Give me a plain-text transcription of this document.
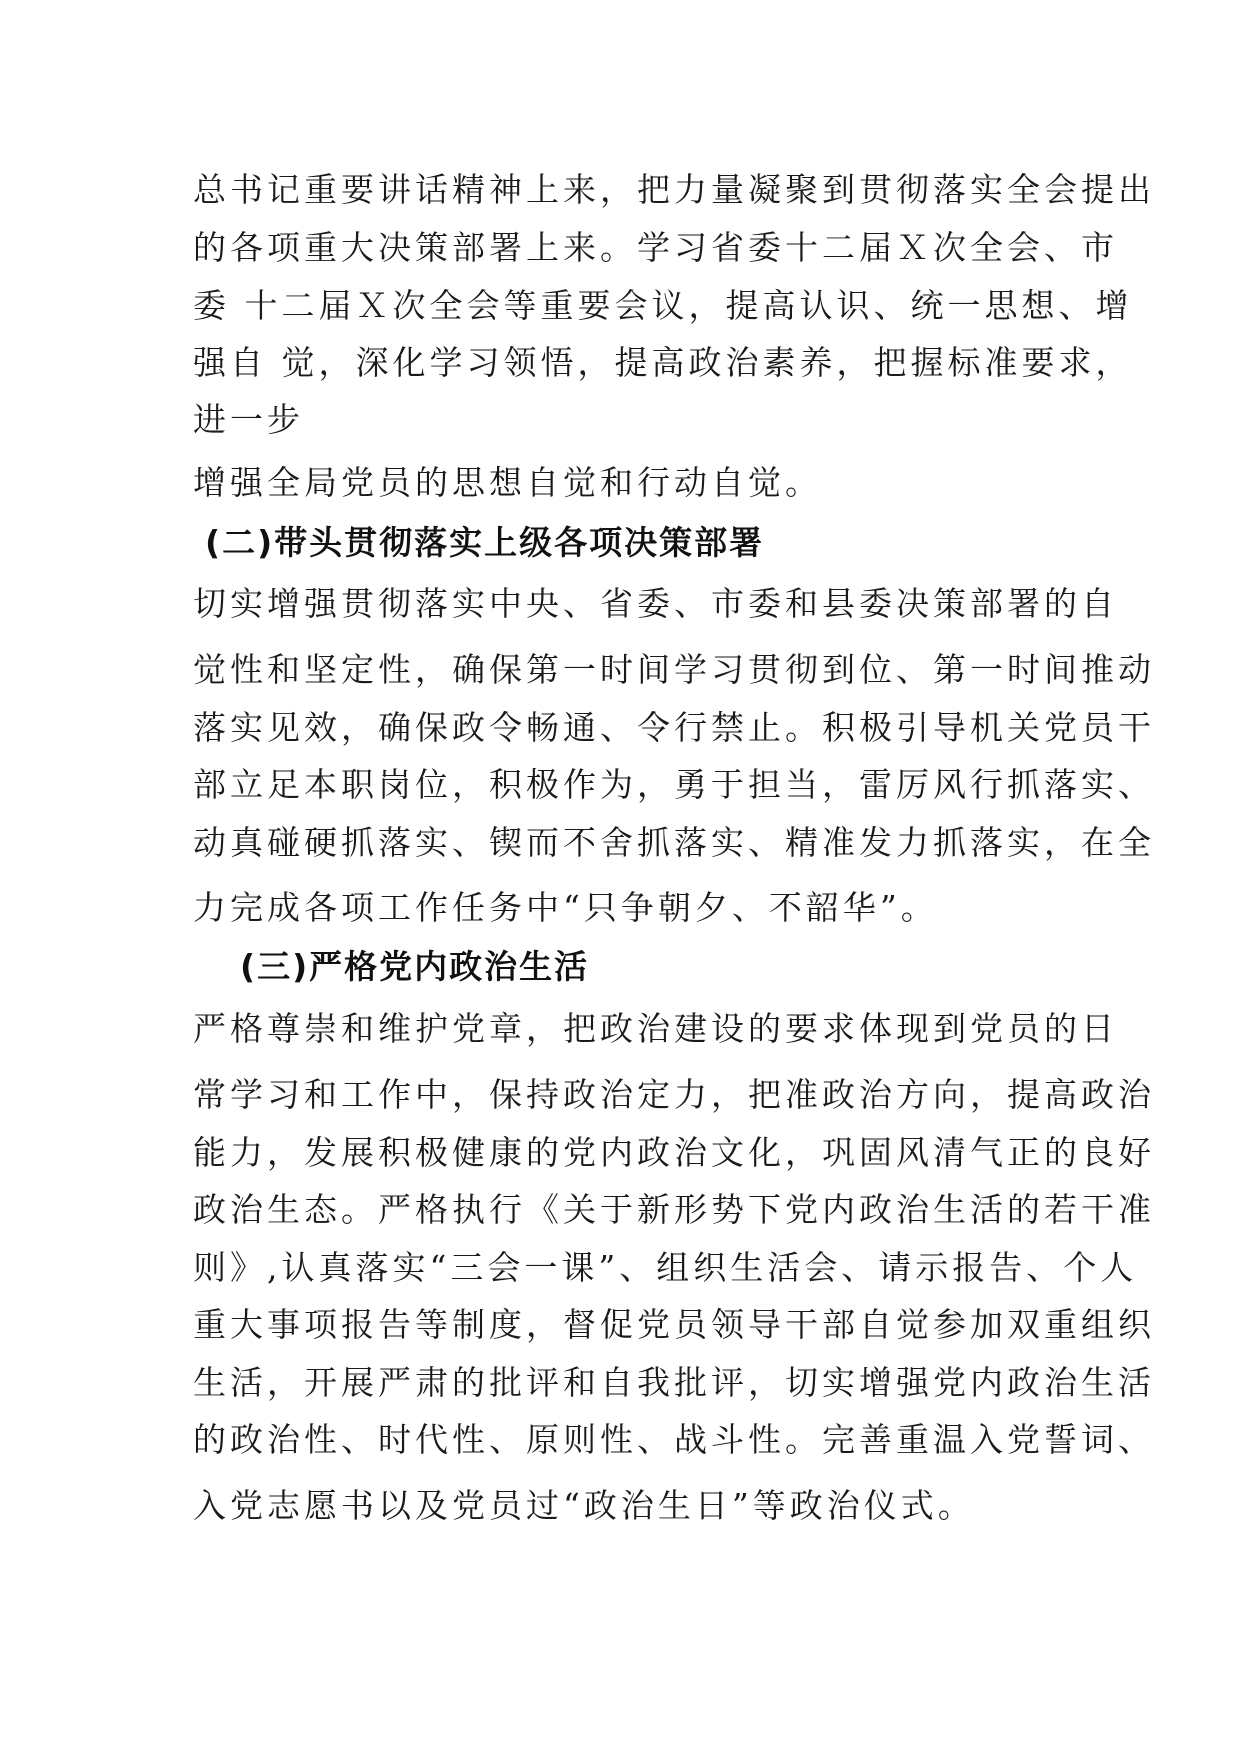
总书记重要讲话精神上来，把力量凝聚到贯彻落实全会提出
的各项重大决策部署上来。学习省委十二届Ｘ次全会、市
委 十二届Ｘ次全会等重要会议，提高认识、统一思想、增
强自 觉，深化学习领悟，提高政治素养，把握标准要求，
进一步
增强全局党员的思想自觉和行动自觉。
(二)带头贯彻落实上级各项决策部署
切实增强贯彻落实中央、省委、市委和县委决策部署的自
觉性和坚定性，确保第一时间学习贯彻到位、第一时间推动
落实见效，确保政令畅通、令行禁止。积极引导机关党员干
部立足本职岗位，积极作为，勇于担当，雷厉风行抓落实、
动真碰硬抓落实、锲而不舍抓落实、精准发力抓落实，在全
力完成各项工作任务中“只争朝夕、不韶华”。
(三)严格党内政治生活
严格尊崇和维护党章，把政治建设的要求体现到党员的日
常学习和工作中，保持政治定力，把准政治方向，提高政治
能力，发展积极健康的党内政治文化，巩固风清气正的良好
政治生态。严格执行《关于新形势下党内政治生活的若干准
则》,认真落实“三会一课”、组织生活会、请示报告、个人
重大事项报告等制度，督促党员领导干部自觉参加双重组织
生活，开展严肃的批评和自我批评，切实增强党内政治生活
的政治性、时代性、原则性、战斗性。完善重温入党誓词、
入党志愿书以及党员过“政治生日”等政治仪式。
